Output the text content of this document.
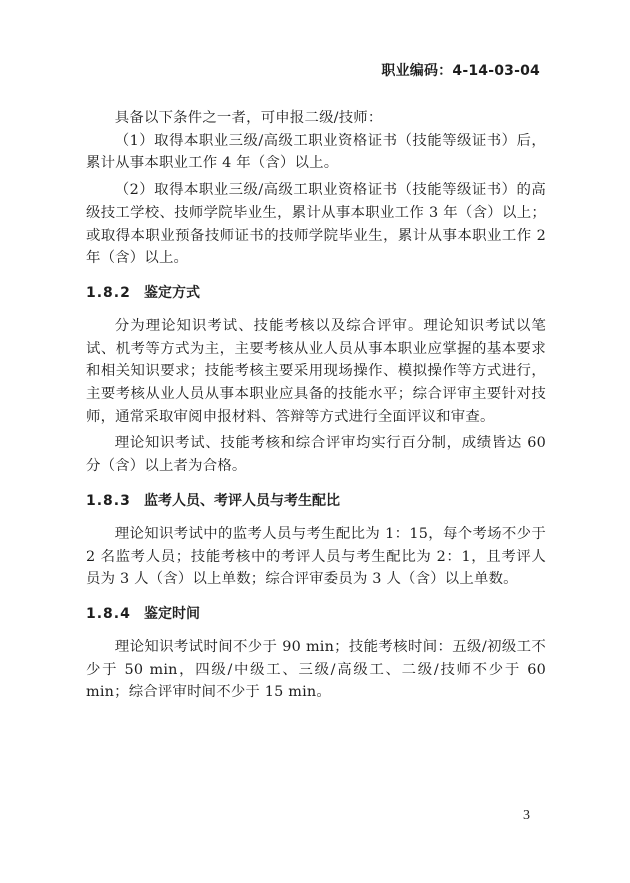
职业编码：4-14-03-04

具备以下条件之一者，可申报二级/技师：

（1）取得本职业三级/高级工职业资格证书（技能等级证书）后，累计从事本职业工作 4 年（含）以上。

（2）取得本职业三级/高级工职业资格证书（技能等级证书）的高级技工学校、技师学院毕业生，累计从事本职业工作 3 年（含）以上；或取得本职业预备技师证书的技师学院毕业生，累计从事本职业工作 2 年（含）以上。

1.8.2 鉴定方式

分为理论知识考试、技能考核以及综合评审。理论知识考试以笔试、机考等方式为主，主要考核从业人员从事本职业应掌握的基本要求和相关知识要求；技能考核主要采用现场操作、模拟操作等方式进行，主要考核从业人员从事本职业应具备的技能水平；综合评审主要针对技师，通常采取审阅申报材料、答辩等方式进行全面评议和审查。

理论知识考试、技能考核和综合评审均实行百分制，成绩皆达 60 分（含）以上者为合格。

1.8.3 监考人员、考评人员与考生配比

理论知识考试中的监考人员与考生配比为 1：15，每个考场不少于 2 名监考人员；技能考核中的考评人员与考生配比为 2：1，且考评人员为 3 人（含）以上单数；综合评审委员为 3 人（含）以上单数。

1.8.4 鉴定时间

理论知识考试时间不少于 90 min；技能考核时间：五级/初级工不少于 50 min，四级/中级工、三级/高级工、二级/技师不少于 60 min；综合评审时间不少于 15 min。

3
